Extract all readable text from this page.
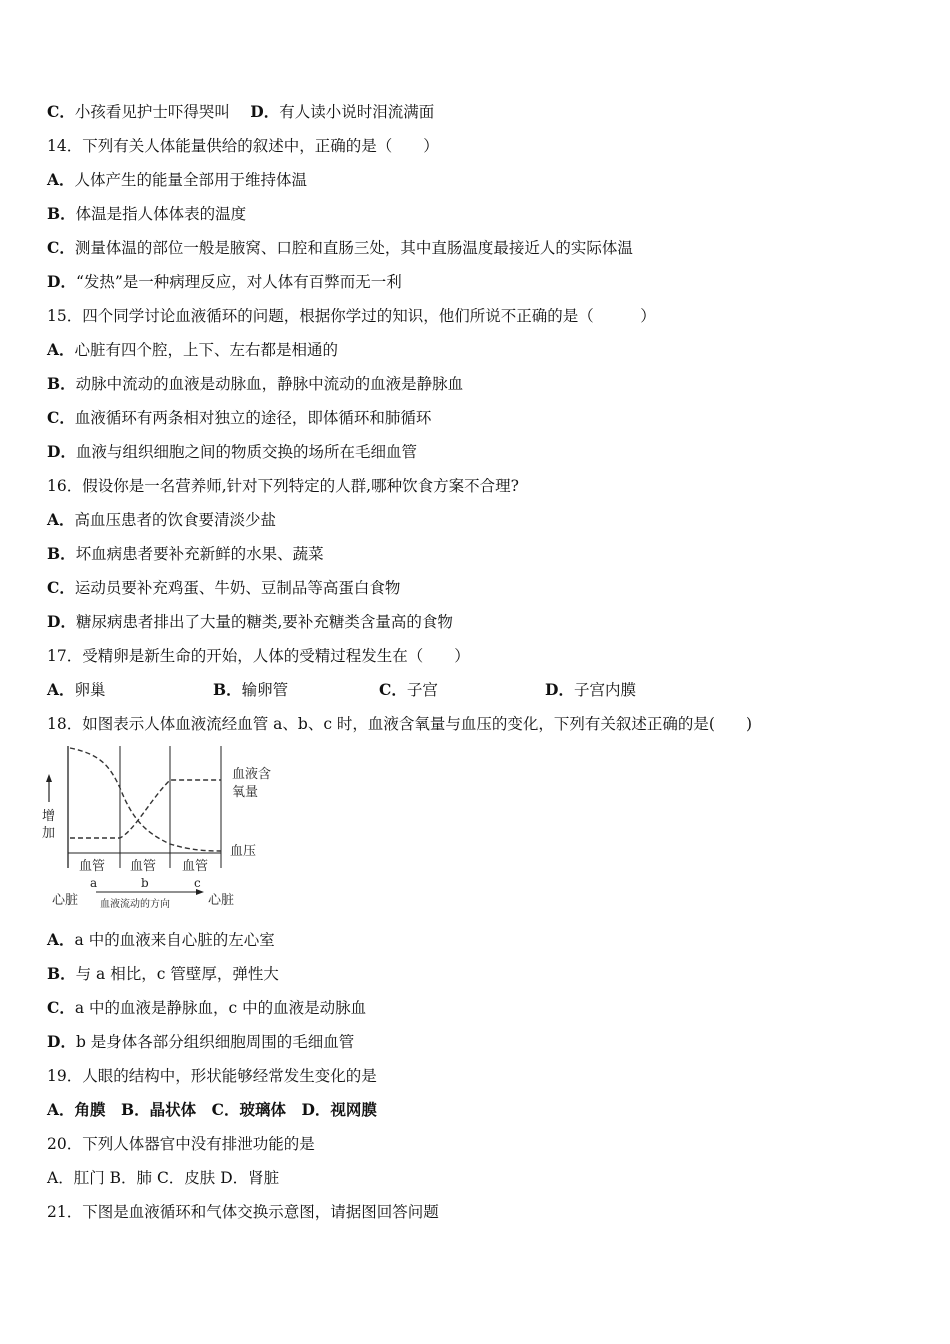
C．小孩看见护士吓得哭叫　 D．有人读小说时泪流满面
14．下列有关人体能量供给的叙述中，正确的是（　　）
A．人体产生的能量全部用于维持体温
B．体温是指人体体表的温度
C．测量体温的部位一般是腋窝、口腔和直肠三处，其中直肠温度最接近人的实际体温
D．“发热”是一种病理反应，对人体有百弊而无一利
15．四个同学讨论血液循环的问题，根据你学过的知识，他们所说不正确的是（　　　）
A．心脏有四个腔，上下、左右都是相通的
B．动脉中流动的血液是动脉血，静脉中流动的血液是静脉血
C．血液循环有两条相对独立的途径，即体循环和肺循环
D．血液与组织细胞之间的物质交换的场所在毛细血管
16．假设你是一名营养师,针对下列特定的人群,哪种饮食方案不合理?
A．高血压患者的饮食要清淡少盐
B．坏血病患者要补充新鲜的水果、蔬菜
C．运动员要补充鸡蛋、牛奶、豆制品等高蛋白食物
D．糖尿病患者排出了大量的糖类,要补充糖类含量高的食物
17．受精卵是新生命的开始，人体的受精过程发生在（　　）
A．卵巢	B．输卵管	C．子宫	D．子宫内膜
18．如图表示人体血液流经血管 a、b、c 时，血液含氧量与血压的变化，下列有关叙述正确的是(　　)
增
加
血液含
氧量
血压
血管 血管 血管
a	b	c
心脏 血液流动的方向	心脏
A．a 中的血液来自心脏的左心室
B．与 a 相比，c 管壁厚，弹性大
C．a 中的血液是静脉血，c 中的血液是动脉血
D．b 是身体各部分组织细胞周围的毛细血管
19．人眼的结构中，形状能够经常发生变化的是
A．角膜　B．晶状体　C．玻璃体　D．视网膜
20．下列人体器官中没有排泄功能的是
A．肛门 B．肺 C．皮肤 D．肾脏
21．下图是血液循环和气体交换示意图，请据图回答问题
